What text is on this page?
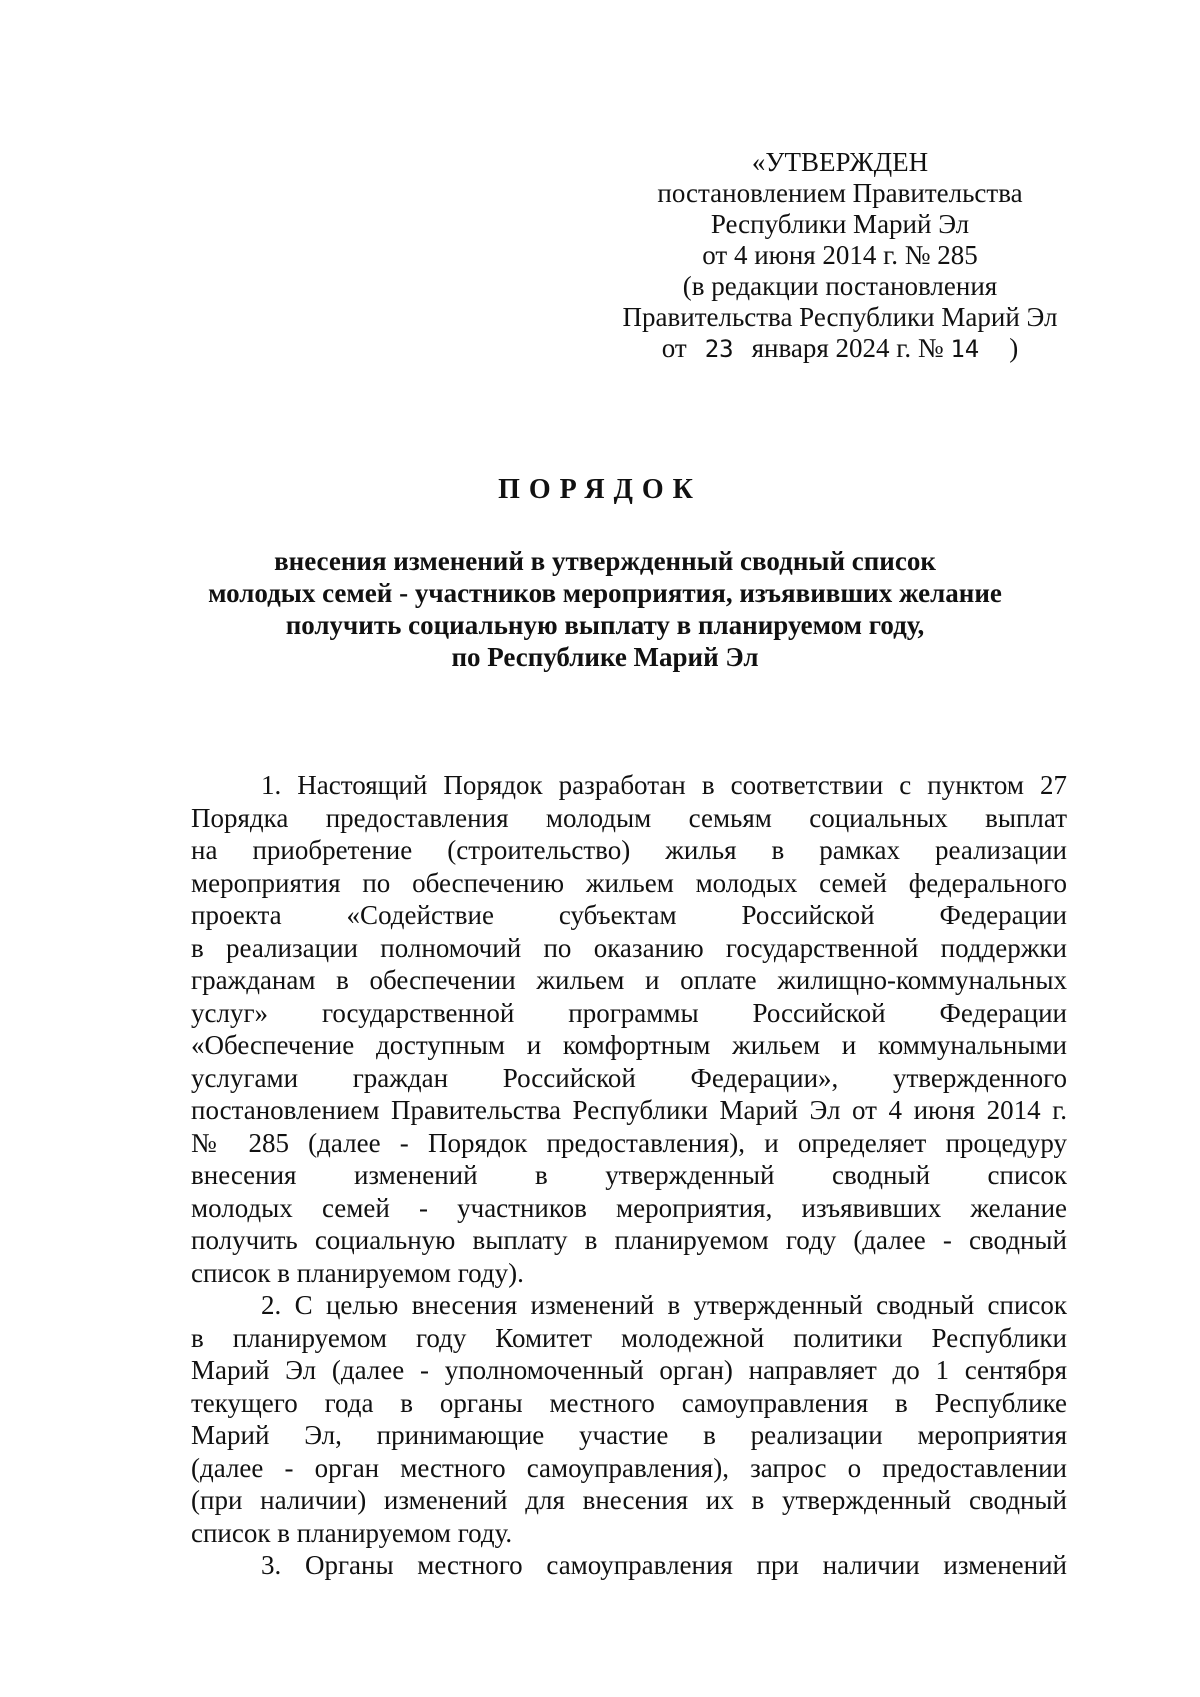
«УТВЕРЖДЕН
постановлением Правительства
Республики Марий Эл
от 4 июня 2014 г. № 285
(в редакции постановления
Правительства Республики Марий Эл
от 23 января 2024 г. № 14 )
ПОРЯДОК
внесения изменений в утвержденный сводный список
молодых семей - участников мероприятия, изъявивших желание
получить социальную выплату в планируемом году,
по Республике Марий Эл
1. Настоящий Порядок разработан в соответствии с пунктом 27
Порядка предоставления молодым семьям социальных выплат
на приобретение (строительство) жилья в рамках реализации
мероприятия по обеспечению жильем молодых семей федерального
проекта «Содействие субъектам Российской Федерации
в реализации полномочий по оказанию государственной поддержки
гражданам в обеспечении жильем и оплате жилищно-коммунальных
услуг» государственной программы Российской Федерации
«Обеспечение доступным и комфортным жильем и коммунальными
услугами граждан Российской Федерации», утвержденного
постановлением Правительства Республики Марий Эл от 4 июня 2014 г.
№ 285 (далее - Порядок предоставления), и определяет процедуру
внесения изменений в утвержденный сводный список
молодых семей - участников мероприятия, изъявивших желание
получить социальную выплату в планируемом году (далее - сводный
список в планируемом году).
2. С целью внесения изменений в утвержденный сводный список
в планируемом году Комитет молодежной политики Республики
Марий Эл (далее - уполномоченный орган) направляет до 1 сентября
текущего года в органы местного самоуправления в Республике
Марий Эл, принимающие участие в реализации мероприятия
(далее - орган местного самоуправления), запрос о предоставлении
(при наличии) изменений для внесения их в утвержденный сводный
список в планируемом году.
3. Органы местного самоуправления при наличии изменений
